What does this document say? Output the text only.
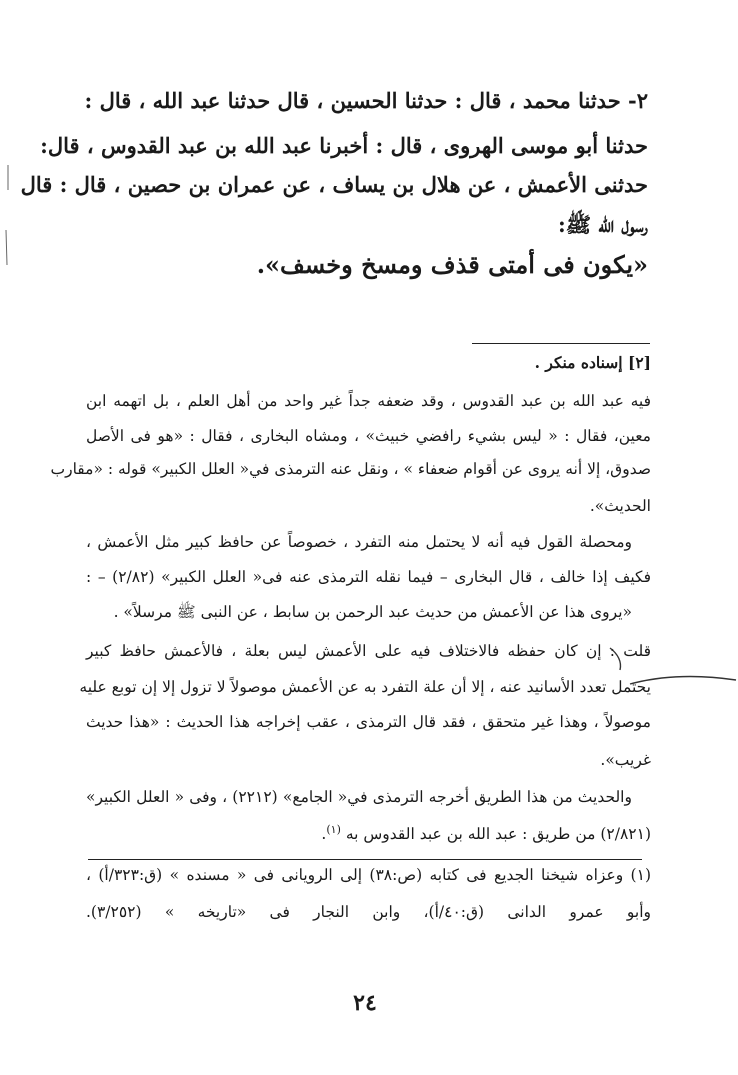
٢- حدثنا محمد ، قال : حدثنا الحسين ، قال حدثنا عبد الله ، قال :
حدثنا أبو موسى الهروى ، قال : أخبرنا عبد الله بن عبد القدوس ، قال:
حدثنى الأعمش ، عن هلال بن يساف ، عن عمران بن حصين ، قال : قال
رسول الله ﷺ:
«يكون فى أمتى قذف ومسخ وخسف».
[٢] إسناده منكر .
فيه عبد الله بن عبد القدوس ، وقد ضعفه جداً غير واحد من أهل العلم ، بل اتهمه ابن
معين، فقال : « ليس بشيء رافضي خبيث» ، ومشاه البخارى ، فقال : «هو فى الأصل
صدوق، إلا أنه يروى عن أقوام ضعفاء » ، ونقل عنه الترمذى في« العلل الكبير» قوله : «مقارب
الحديث».
ومحصلة القول فيه أنه لا يحتمل منه التفرد ، خصوصاً عن حافظ كبير مثل الأعمش ،
فكيف إذا خالف ، قال البخارى – فيما نقله الترمذى عنه فى« العلل الكبير» (٢/٨٢) – :
«يروى هذا عن الأعمش من حديث عبد الرحمن بن سابط ، عن النبى ﷺ مرسلاً» .
قلت : إن كان حفظه فالاختلاف فيه على الأعمش ليس بعلة ، فالأعمش حافظ كبير
يحتمل تعدد الأسانيد عنه ، إلا أن علة التفرد به عن الأعمش موصولاً لا تزول إلا إن توبع عليه
موصولاً ، وهذا غير متحقق ، فقد قال الترمذى ، عقب إخراجه هذا الحديث : «هذا حديث
غريب».
والحديث من هذا الطريق أخرجه الترمذى في« الجامع» (٢٢١٢) ، وفى « العلل الكبير»
(٢/٨٢١) من طريق : عبد الله بن عبد القدوس به $^{(١)}$.
(١) وعزاه شيخنا الجديع فى كتابه (ص:٣٨) إلى الرويانى فى « مسنده » (ق:٣٢٣/أ) ،
وأبو عمرو الدانى (ق:٤٠/أ)، وابن النجار فى «تاريخه » (٣/٢٥٢).
٢٤
